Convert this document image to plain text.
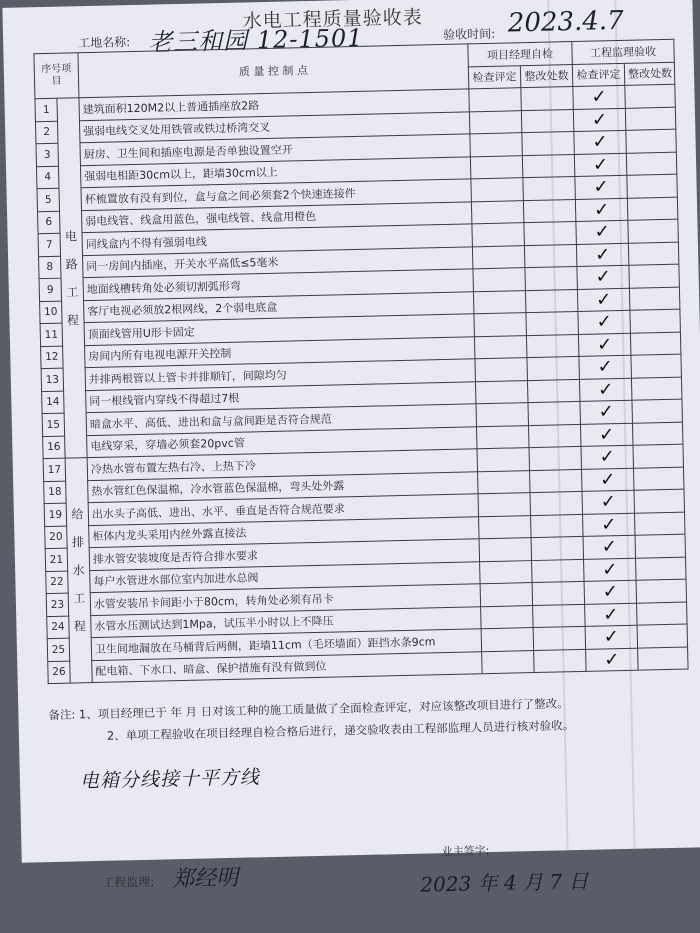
水电工程质量验收表
工地名称: 老三和园 12-1501	验收时间: 2023.4.7
序号项目		质 量 控 制 点	项目经理自检		工程监理验收	
			检查评定	整改处数	检查评定	整改处数
1	电路工程	建筑面积120M2以上普通插座放2路			✓	
2		强弱电线交叉处用铁管或铁过桥湾交叉			✓	
3		厨房、卫生间和插座电源是否单独设置空开			✓	
4		强弱电相距30cm以上，距墙30cm以上			✓	
5		杯梳置放有没有到位，盒与盒之间必须套2个快速连接件			✓	
6		弱电线管、线盒用蓝色，强电线管、线盒用橙色			✓	
7		同线盒内不得有强弱电线			✓	
8		同一房间内插座，开关水平高低≤5毫米			✓	
9		地面线槽转角处必须切割弧形弯			✓	
10		客厅电视必须放2根网线，2个弱电底盒			✓	
11		顶面线管用U形卡固定			✓	
12		房间内所有电视电源开关控制			✓	
13		并排两根管以上管卡并排顺钉，间隙均匀			✓	
14		同一根线管内穿线不得超过7根			✓	
15		暗盒水平、高低、进出和盒与盒间距是否符合规范			✓	
16		电线穿采，穿墙必须套20pvc管			✓	
17	给排水工程	冷热水管布置左热右冷、上热下冷			✓	
18		热水管红色保温棉，冷水管蓝色保温棉，弯头处外露			✓	
19		出水头子高低、进出、水平、垂直是否符合规范要求			✓	
20		柜体内龙头采用内丝外露直接法			✓	
21		排水管安装坡度是否符合排水要求			✓	
22		每户水管进水部位室内加进水总阀			✓	
23		水管安装吊卡间距小于80cm，转角处必须有吊卡			✓	
24		水管水压测试达到1Mpa，试压半小时以上不降压			✓	
25		卫生间地漏放在马桶背后两侧，距墙11cm（毛坯墙面）距挡水条9cm			✓	
26		配电箱、下水口、暗盒、保护措施有没有做到位			✓	
备注: 1、项目经理已于 年 月 日对该工种的施工质量做了全面检查评定，对应该整改项目进行了整改。
2、单项工程验收在项目经理自检合格后进行，递交验收表由工程部监理人员进行核对验收。
电箱分线接十平方线
工程监理: 郑经明
业主签字:
2023 年 4 月 7 日
